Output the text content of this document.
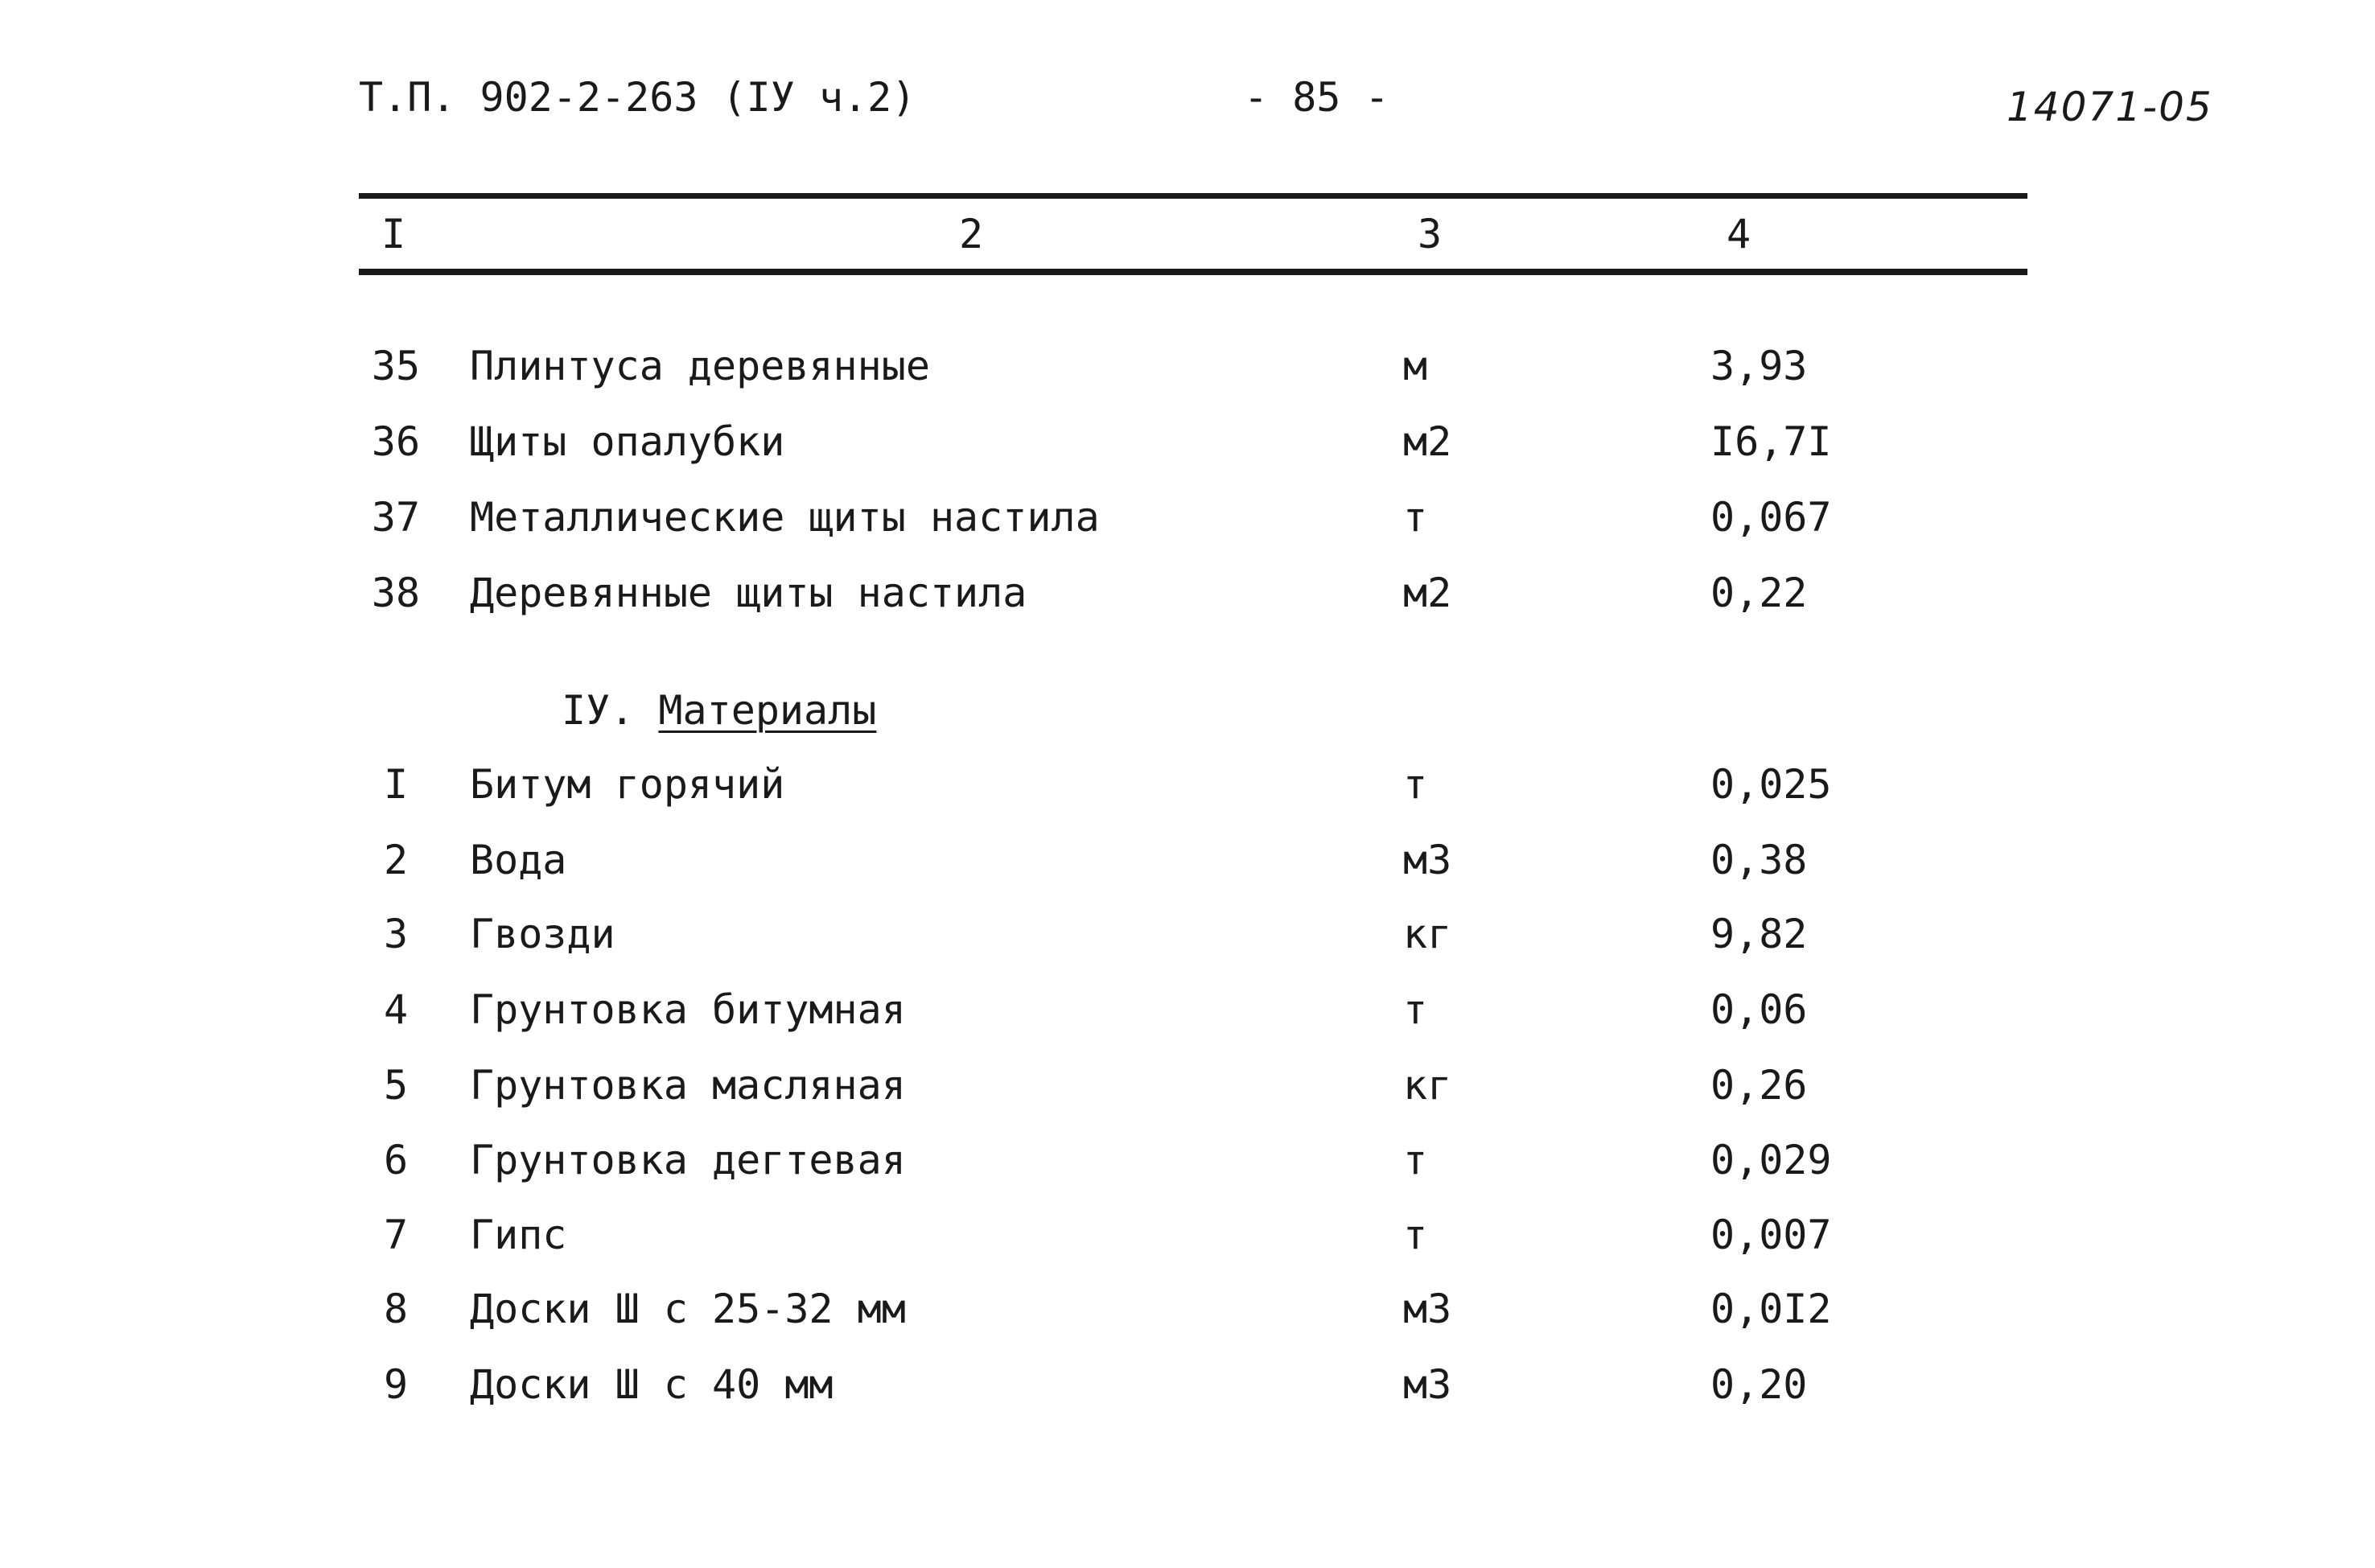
Т.П. 902-2-263 (IУ ч.2)	- 85 -	14071-05
I	2	3	4
35	Плинтуса деревянные	м	3,93
36	Щиты опалубки	м2	I6,7I
37	Металлические щиты настила	т	0,067
38	Деревянные щиты настила	м2	0,22
IУ. Материалы
I	Битум горячий	т	0,025
2	Вода	м3	0,38
3	Гвозди	кг	9,82
4	Грунтовка битумная	т	0,06
5	Грунтовка масляная	кг	0,26
6	Грунтовка дегтевая	т	0,029
7	Гипс	т	0,007
8	Доски Ш с 25-32 мм	м3	0,0I2
9	Доски Ш с 40 мм	м3	0,20
